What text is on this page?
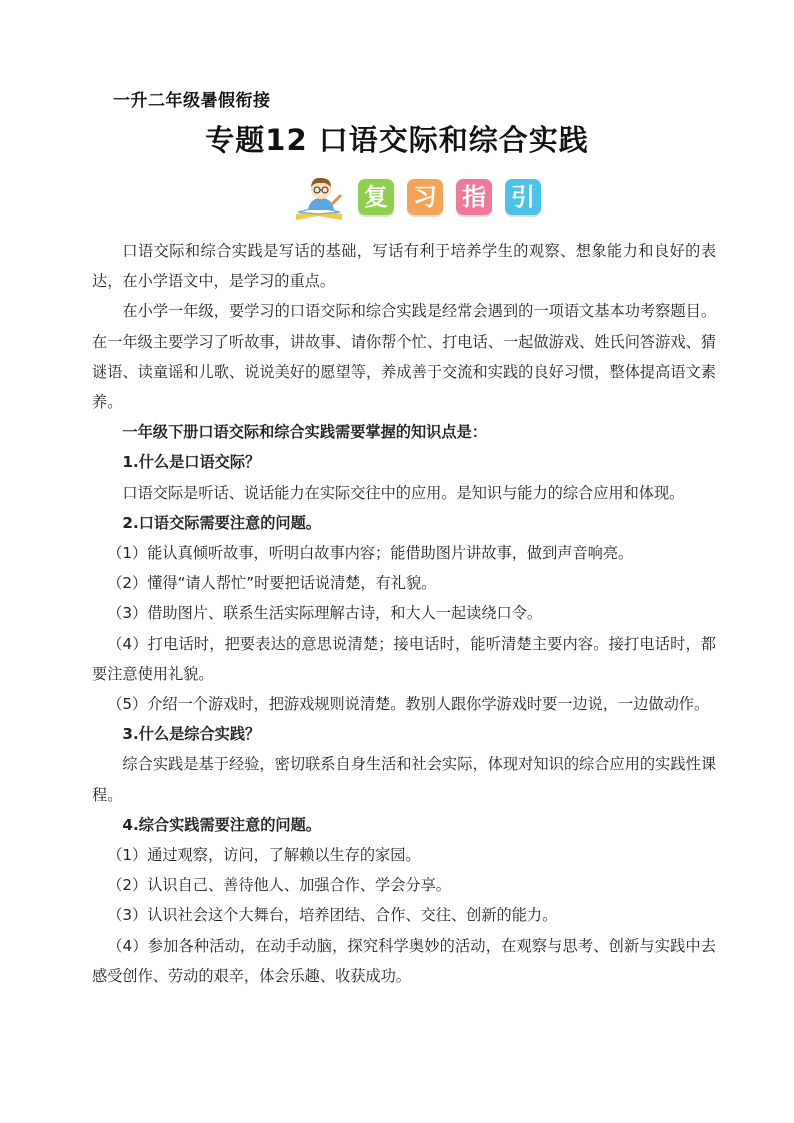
一升二年级暑假衔接
专题12 口语交际和综合实践
复 习 指 引

口语交际和综合实践是写话的基础，写话有利于培养学生的观察、想象能力和良好的表达，在小学语文中，是学习的重点。

在小学一年级，要学习的口语交际和综合实践是经常会遇到的一项语文基本功考察题目。在一年级主要学习了听故事，讲故事、请你帮个忙、打电话、一起做游戏、姓氏问答游戏、猜谜语、读童谣和儿歌、说说美好的愿望等，养成善于交流和实践的良好习惯，整体提高语文素养。

一年级下册口语交际和综合实践需要掌握的知识点是：

1.什么是口语交际？

口语交际是听话、说话能力在实际交往中的应用。是知识与能力的综合应用和体现。

2.口语交际需要注意的问题。

（1）能认真倾听故事，听明白故事内容；能借助图片讲故事，做到声音响亮。

（2）懂得“请人帮忙”时要把话说清楚，有礼貌。

（3）借助图片、联系生活实际理解古诗，和大人一起读绕口令。

（4）打电话时，把要表达的意思说清楚；接电话时，能听清楚主要内容。接打电话时，都要注意使用礼貌。

（5）介绍一个游戏时，把游戏规则说清楚。教别人跟你学游戏时要一边说，一边做动作。

3.什么是综合实践？

综合实践是基于经验，密切联系自身生活和社会实际，体现对知识的综合应用的实践性课程。

4.综合实践需要注意的问题。

（1）通过观察，访问，了解赖以生存的家园。

（2）认识自己、善待他人、加强合作、学会分享。

（3）认识社会这个大舞台，培养团结、合作、交往、创新的能力。

（4）参加各种活动，在动手动脑，探究科学奥妙的活动，在观察与思考、创新与实践中去感受创作、劳动的艰辛，体会乐趣、收获成功。
